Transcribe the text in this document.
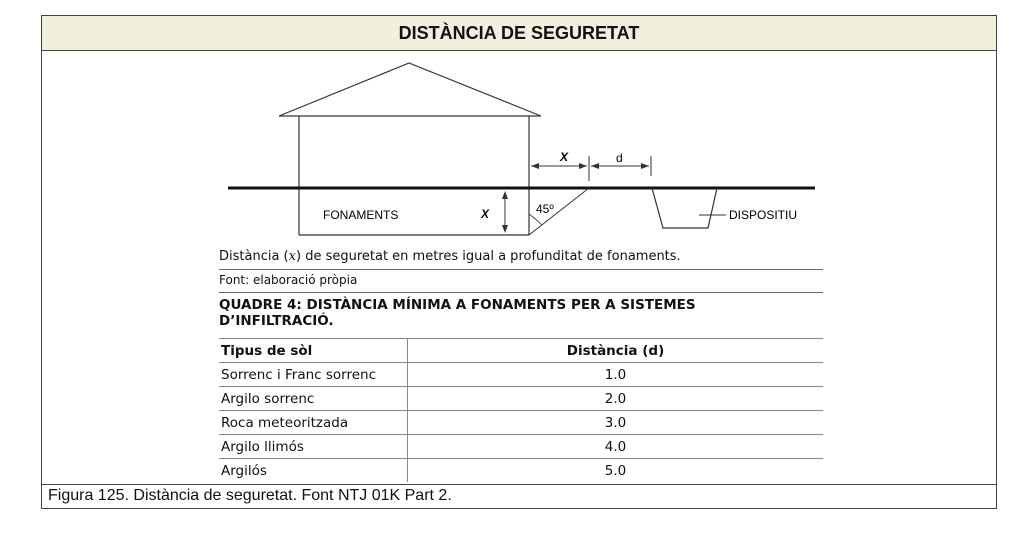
DISTÀNCIA DE SEGURETAT
X	d
X	45º
FONAMENTS	DISPOSITIU
Distància (x) de seguretat en metres igual a profunditat de fonaments.
Font: elaboració pròpia
QUADRE 4: DISTÀNCIA MÍNIMA A FONAMENTS PER A SISTEMES
D’INFILTRACIÓ.
Tipus de sòl	Distància (d)
Sorrenc i Franc sorrenc	1.0
Argilo sorrenc	2.0
Roca meteoritzada	3.0
Argilo llimós	4.0
Argilós	5.0
Figura 125. Distància de seguretat. Font NTJ 01K Part 2.
